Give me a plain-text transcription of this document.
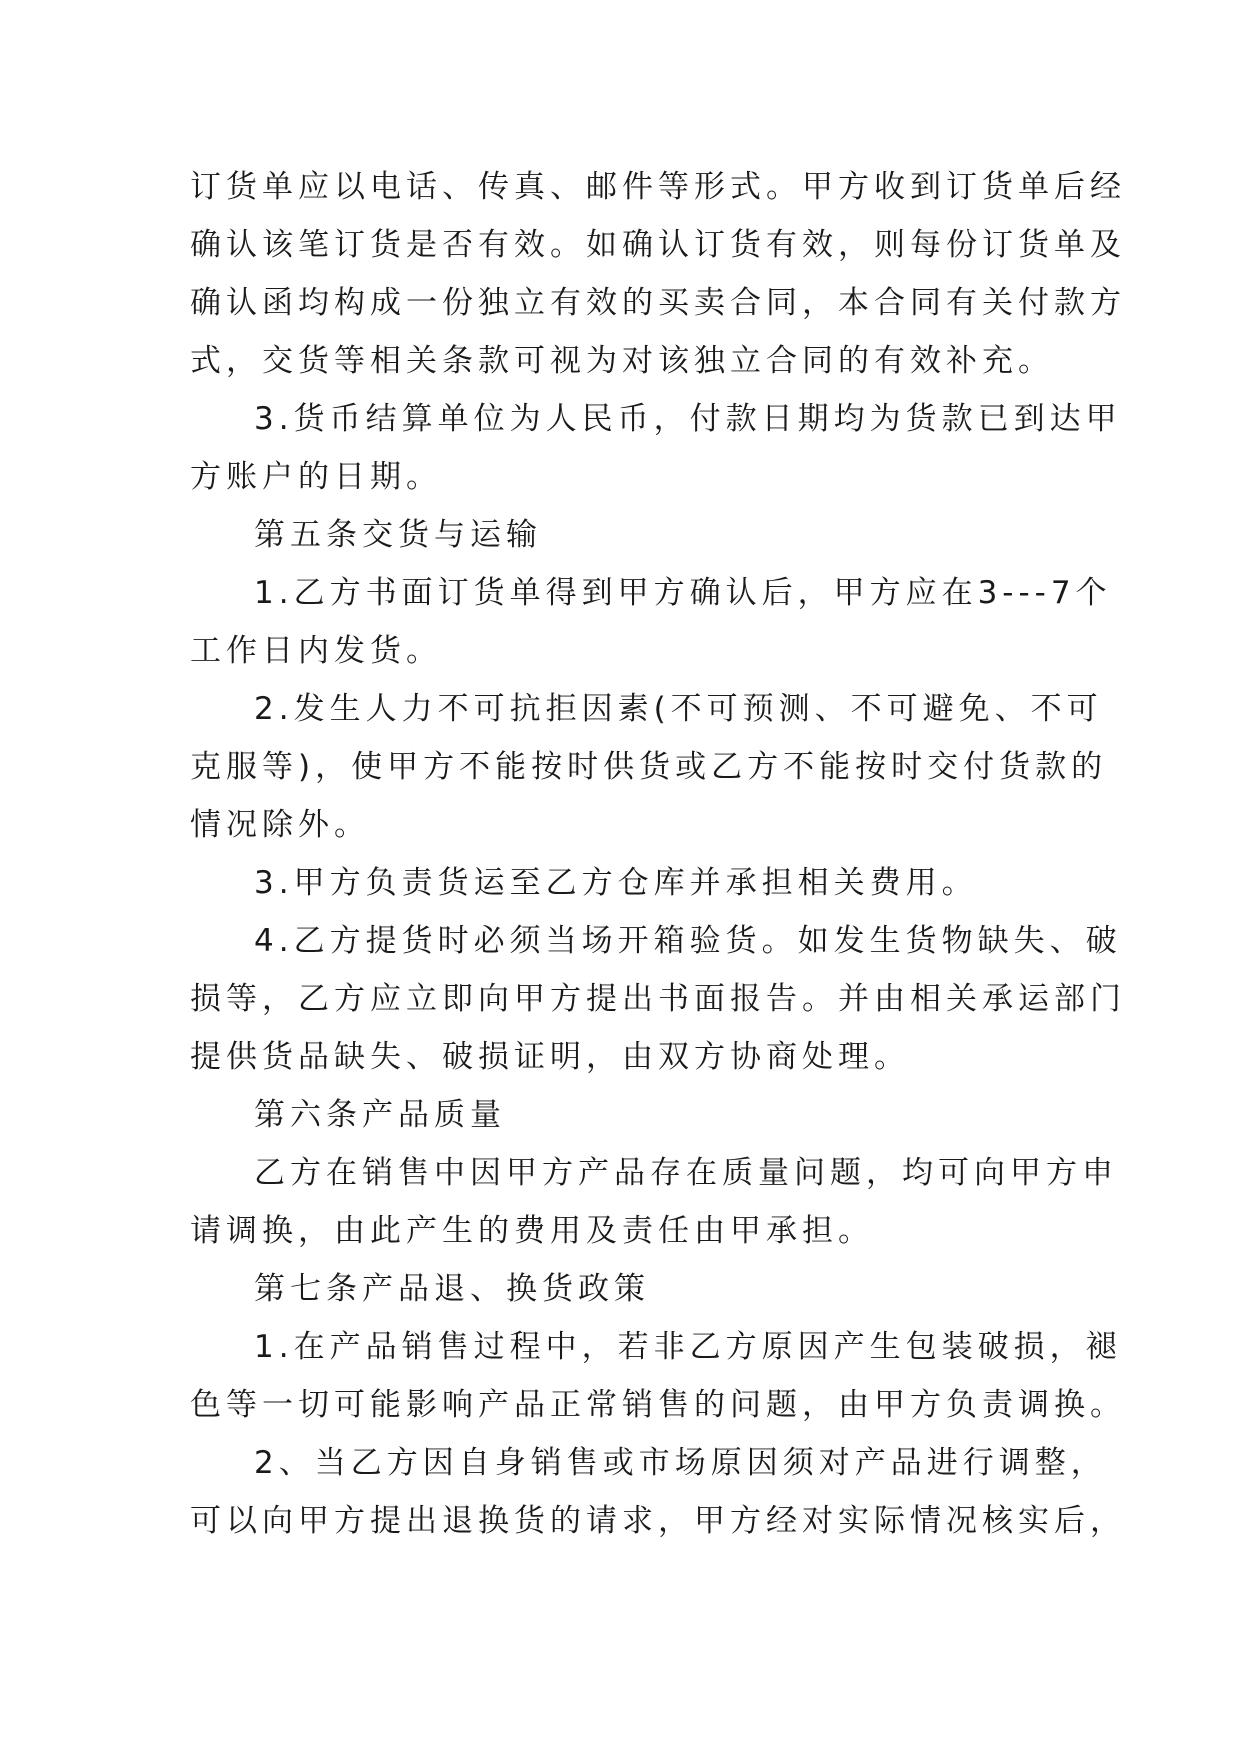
订货单应以电话、传真、邮件等形式。甲方收到订货单后经
确认该笔订货是否有效。如确认订货有效，则每份订货单及
确认函均构成一份独立有效的买卖合同，本合同有关付款方
式，交货等相关条款可视为对该独立合同的有效补充。
3.货币结算单位为人民币，付款日期均为货款已到达甲
方账户的日期。
第五条交货与运输
1.乙方书面订货单得到甲方确认后，甲方应在3---7个
工作日内发货。
2.发生人力不可抗拒因素(不可预测、不可避免、不可
克服等)，使甲方不能按时供货或乙方不能按时交付货款的
情况除外。
3.甲方负责货运至乙方仓库并承担相关费用。
4.乙方提货时必须当场开箱验货。如发生货物缺失、破
损等，乙方应立即向甲方提出书面报告。并由相关承运部门
提供货品缺失、破损证明，由双方协商处理。
第六条产品质量
乙方在销售中因甲方产品存在质量问题，均可向甲方申
请调换，由此产生的费用及责任由甲承担。
第七条产品退、换货政策
1.在产品销售过程中，若非乙方原因产生包装破损，褪
色等一切可能影响产品正常销售的问题，由甲方负责调换。
2、当乙方因自身销售或市场原因须对产品进行调整，
可以向甲方提出退换货的请求，甲方经对实际情况核实后，
